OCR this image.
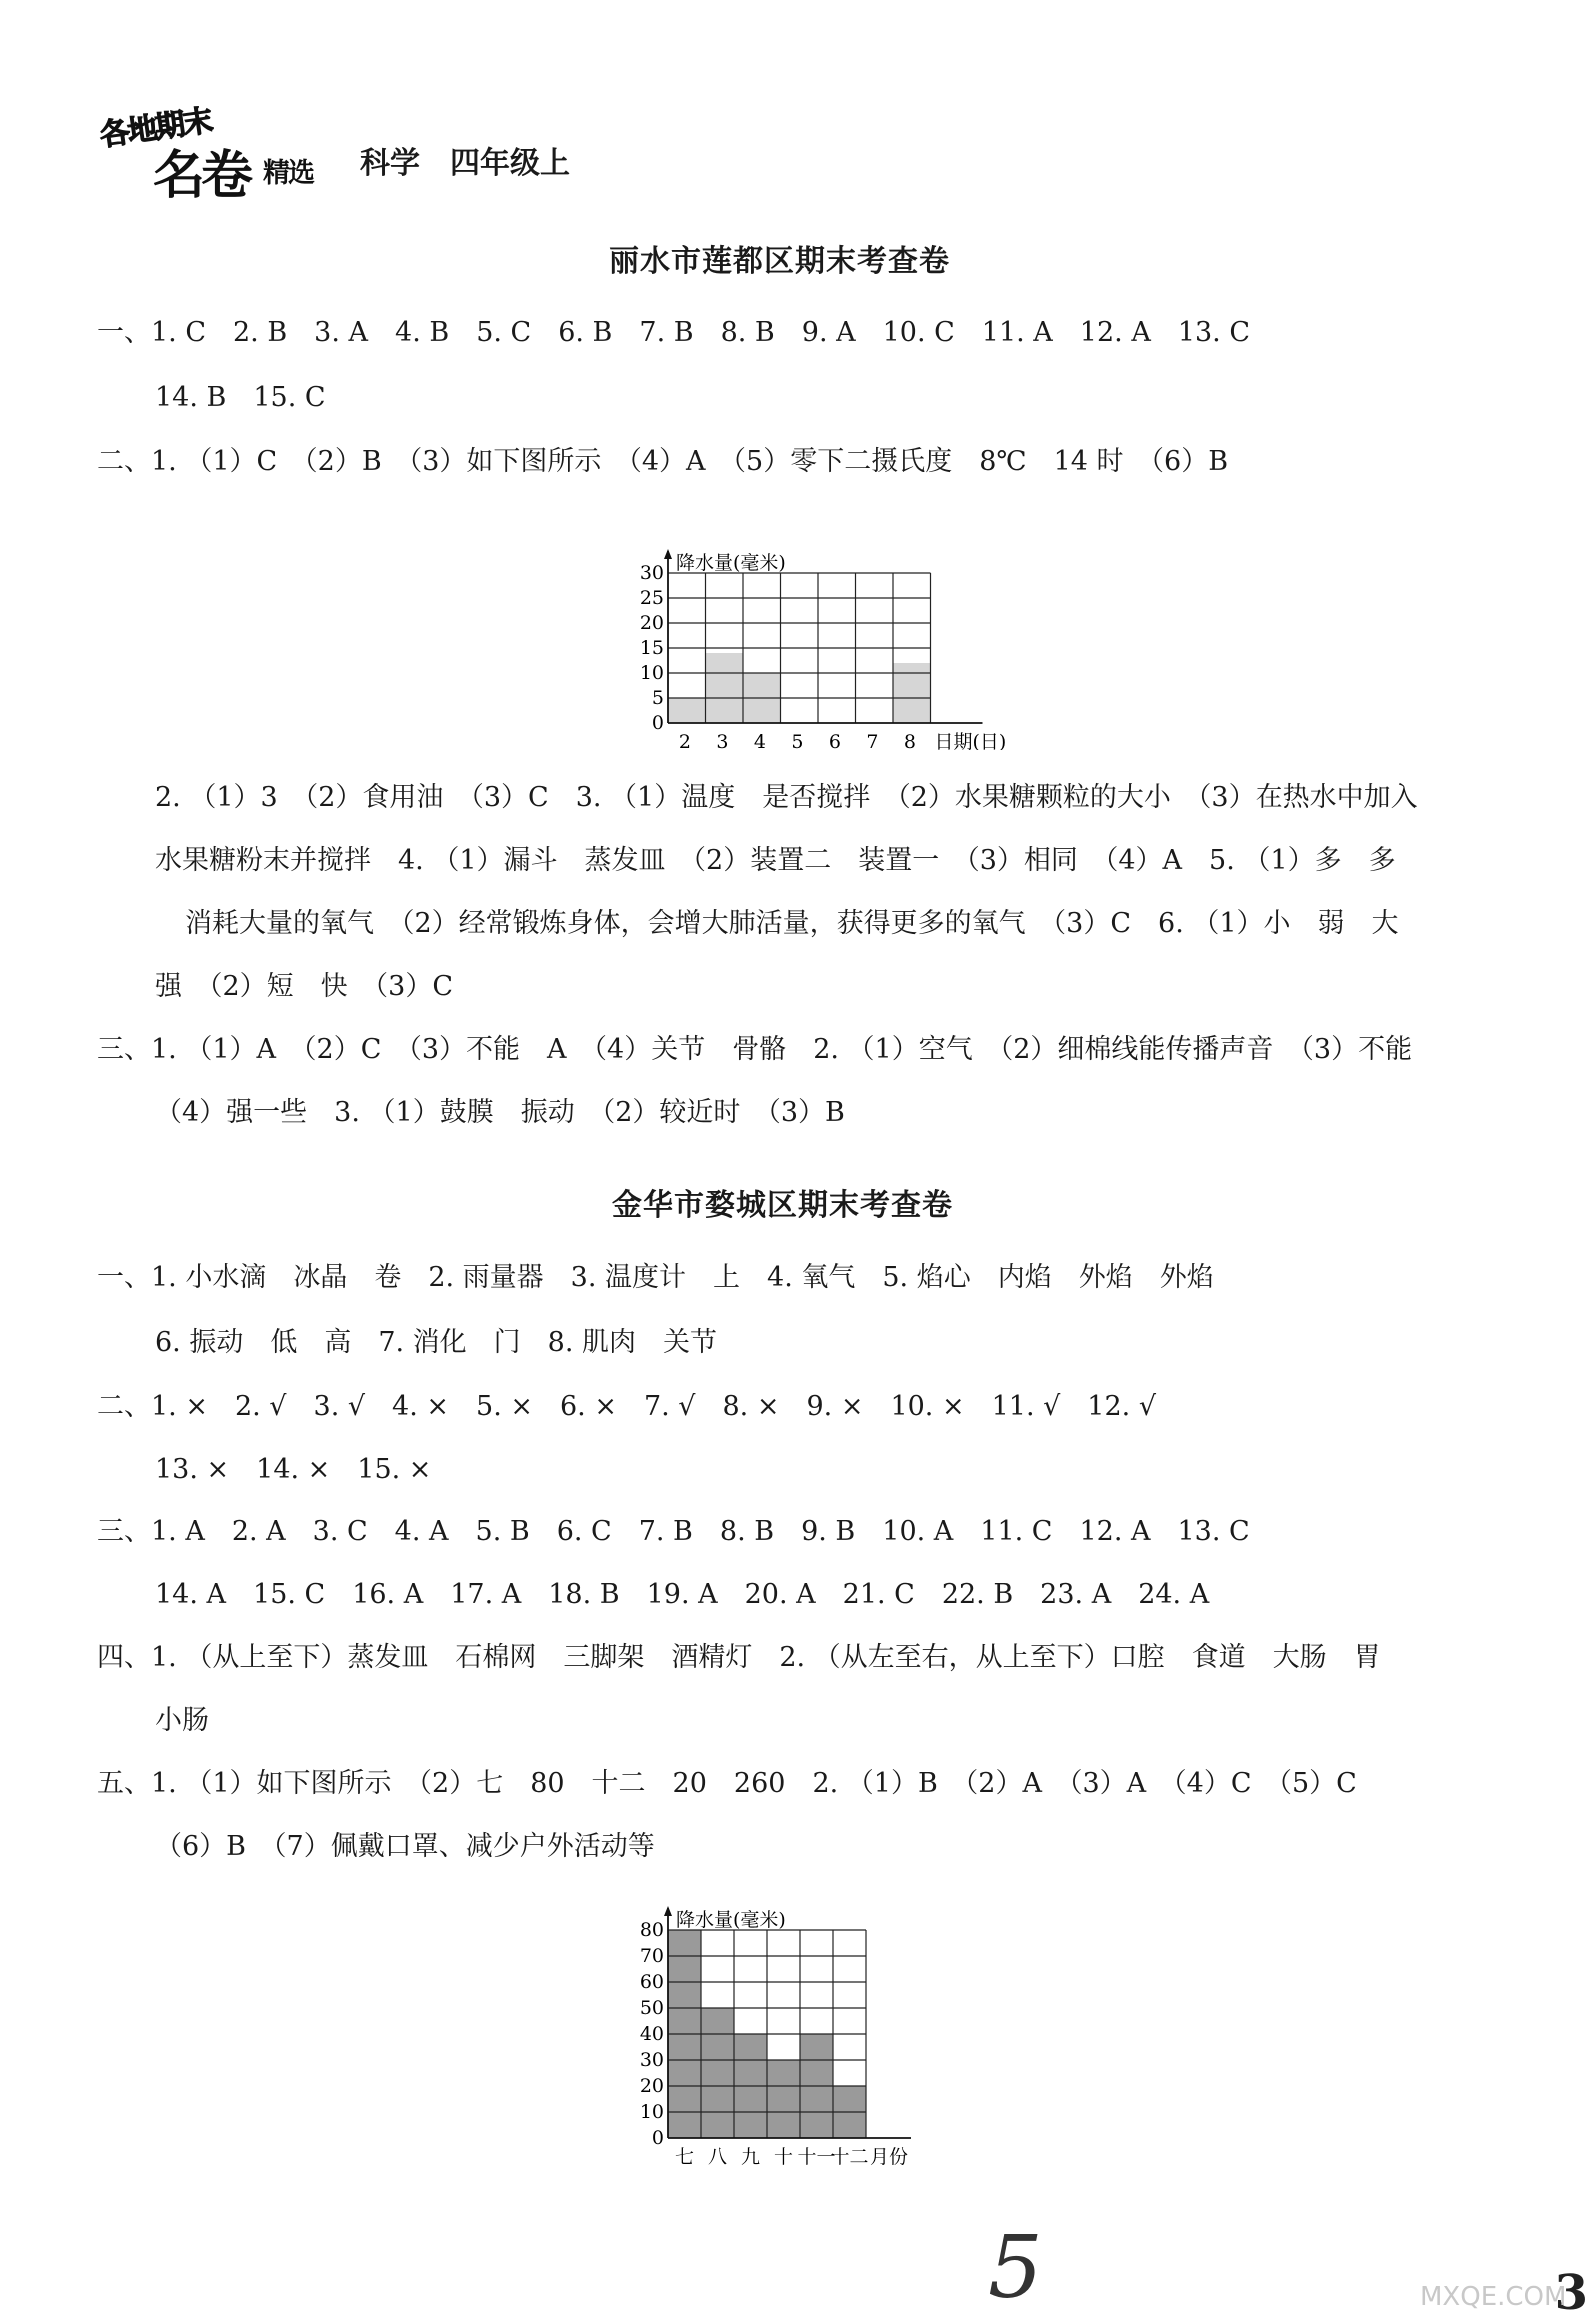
各地期末
名卷 精选 科学　四年级上
丽水市莲都区期末考查卷
一、1. C　2. B　3. A　4. B　5. C　6. B　7. B　8. B　9. A　10. C　11. A　12. A　13. C
14. B　15. C
二、1. （1）C　（2）B　（3）如下图所示　（4）A　（5）零下二摄氏度　8℃　14 时　（6）B
降水量(毫米)
0
5
10
15
20
25
30
2 3 4 5 6 7 8 日期(日)
2. （1）3　（2）食用油　（3）C　3. （1）温度　是否搅拌　（2）水果糖颗粒的大小　（3）在热水中加入
水果糖粉末并搅拌　4. （1）漏斗　蒸发皿　（2）装置二　装置一　（3）相同　（4）A　5. （1）多　多
消耗大量的氧气　（2）经常锻炼身体，会增大肺活量，获得更多的氧气　（3）C　6. （1）小　弱　大
强　（2）短　快　（3）C
三、1. （1）A　（2）C　（3）不能　A　（4）关节　骨骼　2. （1）空气　（2）细棉线能传播声音　（3）不能
（4）强一些　3. （1）鼓膜　振动　（2）较近时　（3）B
金华市婺城区期末考查卷
一、1. 小水滴　冰晶　卷　2. 雨量器　3. 温度计　上　4. 氧气　5. 焰心　内焰　外焰　外焰
6. 振动　低　高　7. 消化　门　8. 肌肉　关节
二、1. ×　2. √　3. √　4. ×　5. ×　6. ×　7. √　8. ×　9. ×　10. ×　11. √　12. √
13. ×　14. ×　15. ×
三、1. A　2. A　3. C　4. A　5. B　6. C　7. B　8. B　9. B　10. A　11. C　12. A　13. C
14. A　15. C　16. A　17. A　18. B　19. A　20. A　21. C　22. B　23. A　24. A
四、1. （从上至下）蒸发皿　石棉网　三脚架　酒精灯　2. （从左至右，从上至下）口腔　食道　大肠　胃
小肠
五、1. （1）如下图所示　（2）七　80　十二　20　260　2. （1）B　（2）A　（3）A　（4）C　（5）C
（6）B　（7）佩戴口罩、减少户外活动等
降水量(毫米)
0
10
20
30
40
50
60
70
80
七 八 九 十 十一
十二 月份
5	3
MXQE.COM
